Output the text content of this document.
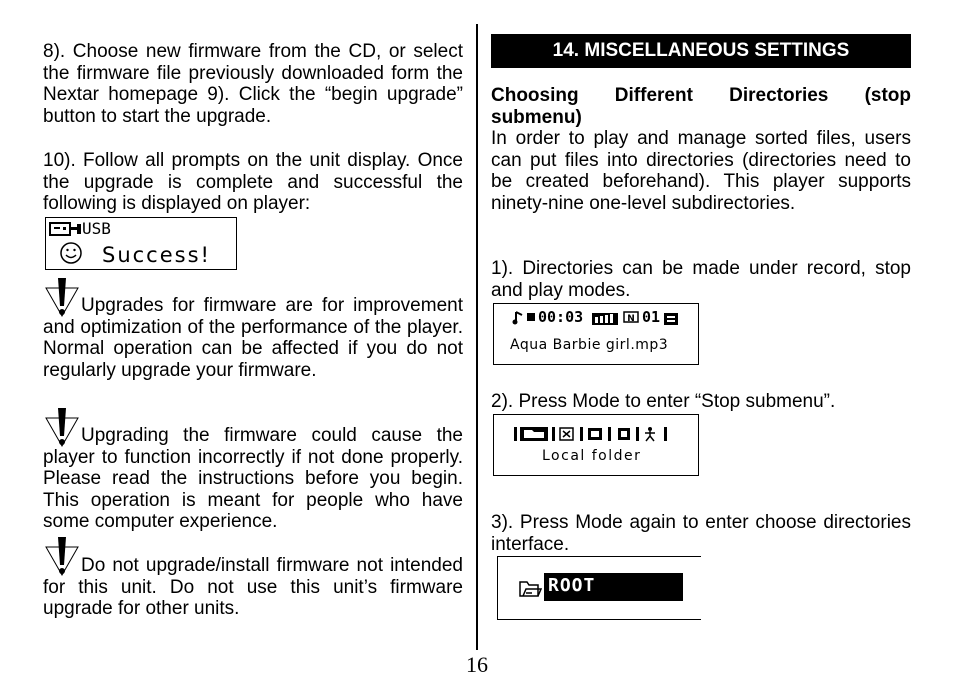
8). Choose new firmware from the CD, or select the firmware file previously downloaded form the Nextar homepage 9). Click the “begin upgrade” button to start the upgrade.

10). Follow all prompts on the unit display. Once the upgrade is complete and successful the following is displayed on player:

USB
Success!

Upgrades for firmware are for improvement and optimization of the performance of the player. Normal operation can be affected if you do not regularly upgrade your firmware.

Upgrading the firmware could cause the player to function incorrectly if not done properly. Please read the instructions before you begin. This operation is meant for people who have some computer experience.

Do not upgrade/install firmware not intended for this unit. Do not use this unit’s firmware upgrade for other units.

14. MISCELLANEOUS SETTINGS

Choosing Different Directories (stop submenu)

In order to play and manage sorted files, users can put files into directories (directories need to be created beforehand). This player supports ninety-nine one-level subdirectories.

1). Directories can be made under record, stop and play modes.

00:03	N 01
Aqua Barbie girl.mp3

2). Press Mode to enter “Stop submenu”.

Local folder

3). Press Mode again to enter choose directories interface.

ROOT
16
